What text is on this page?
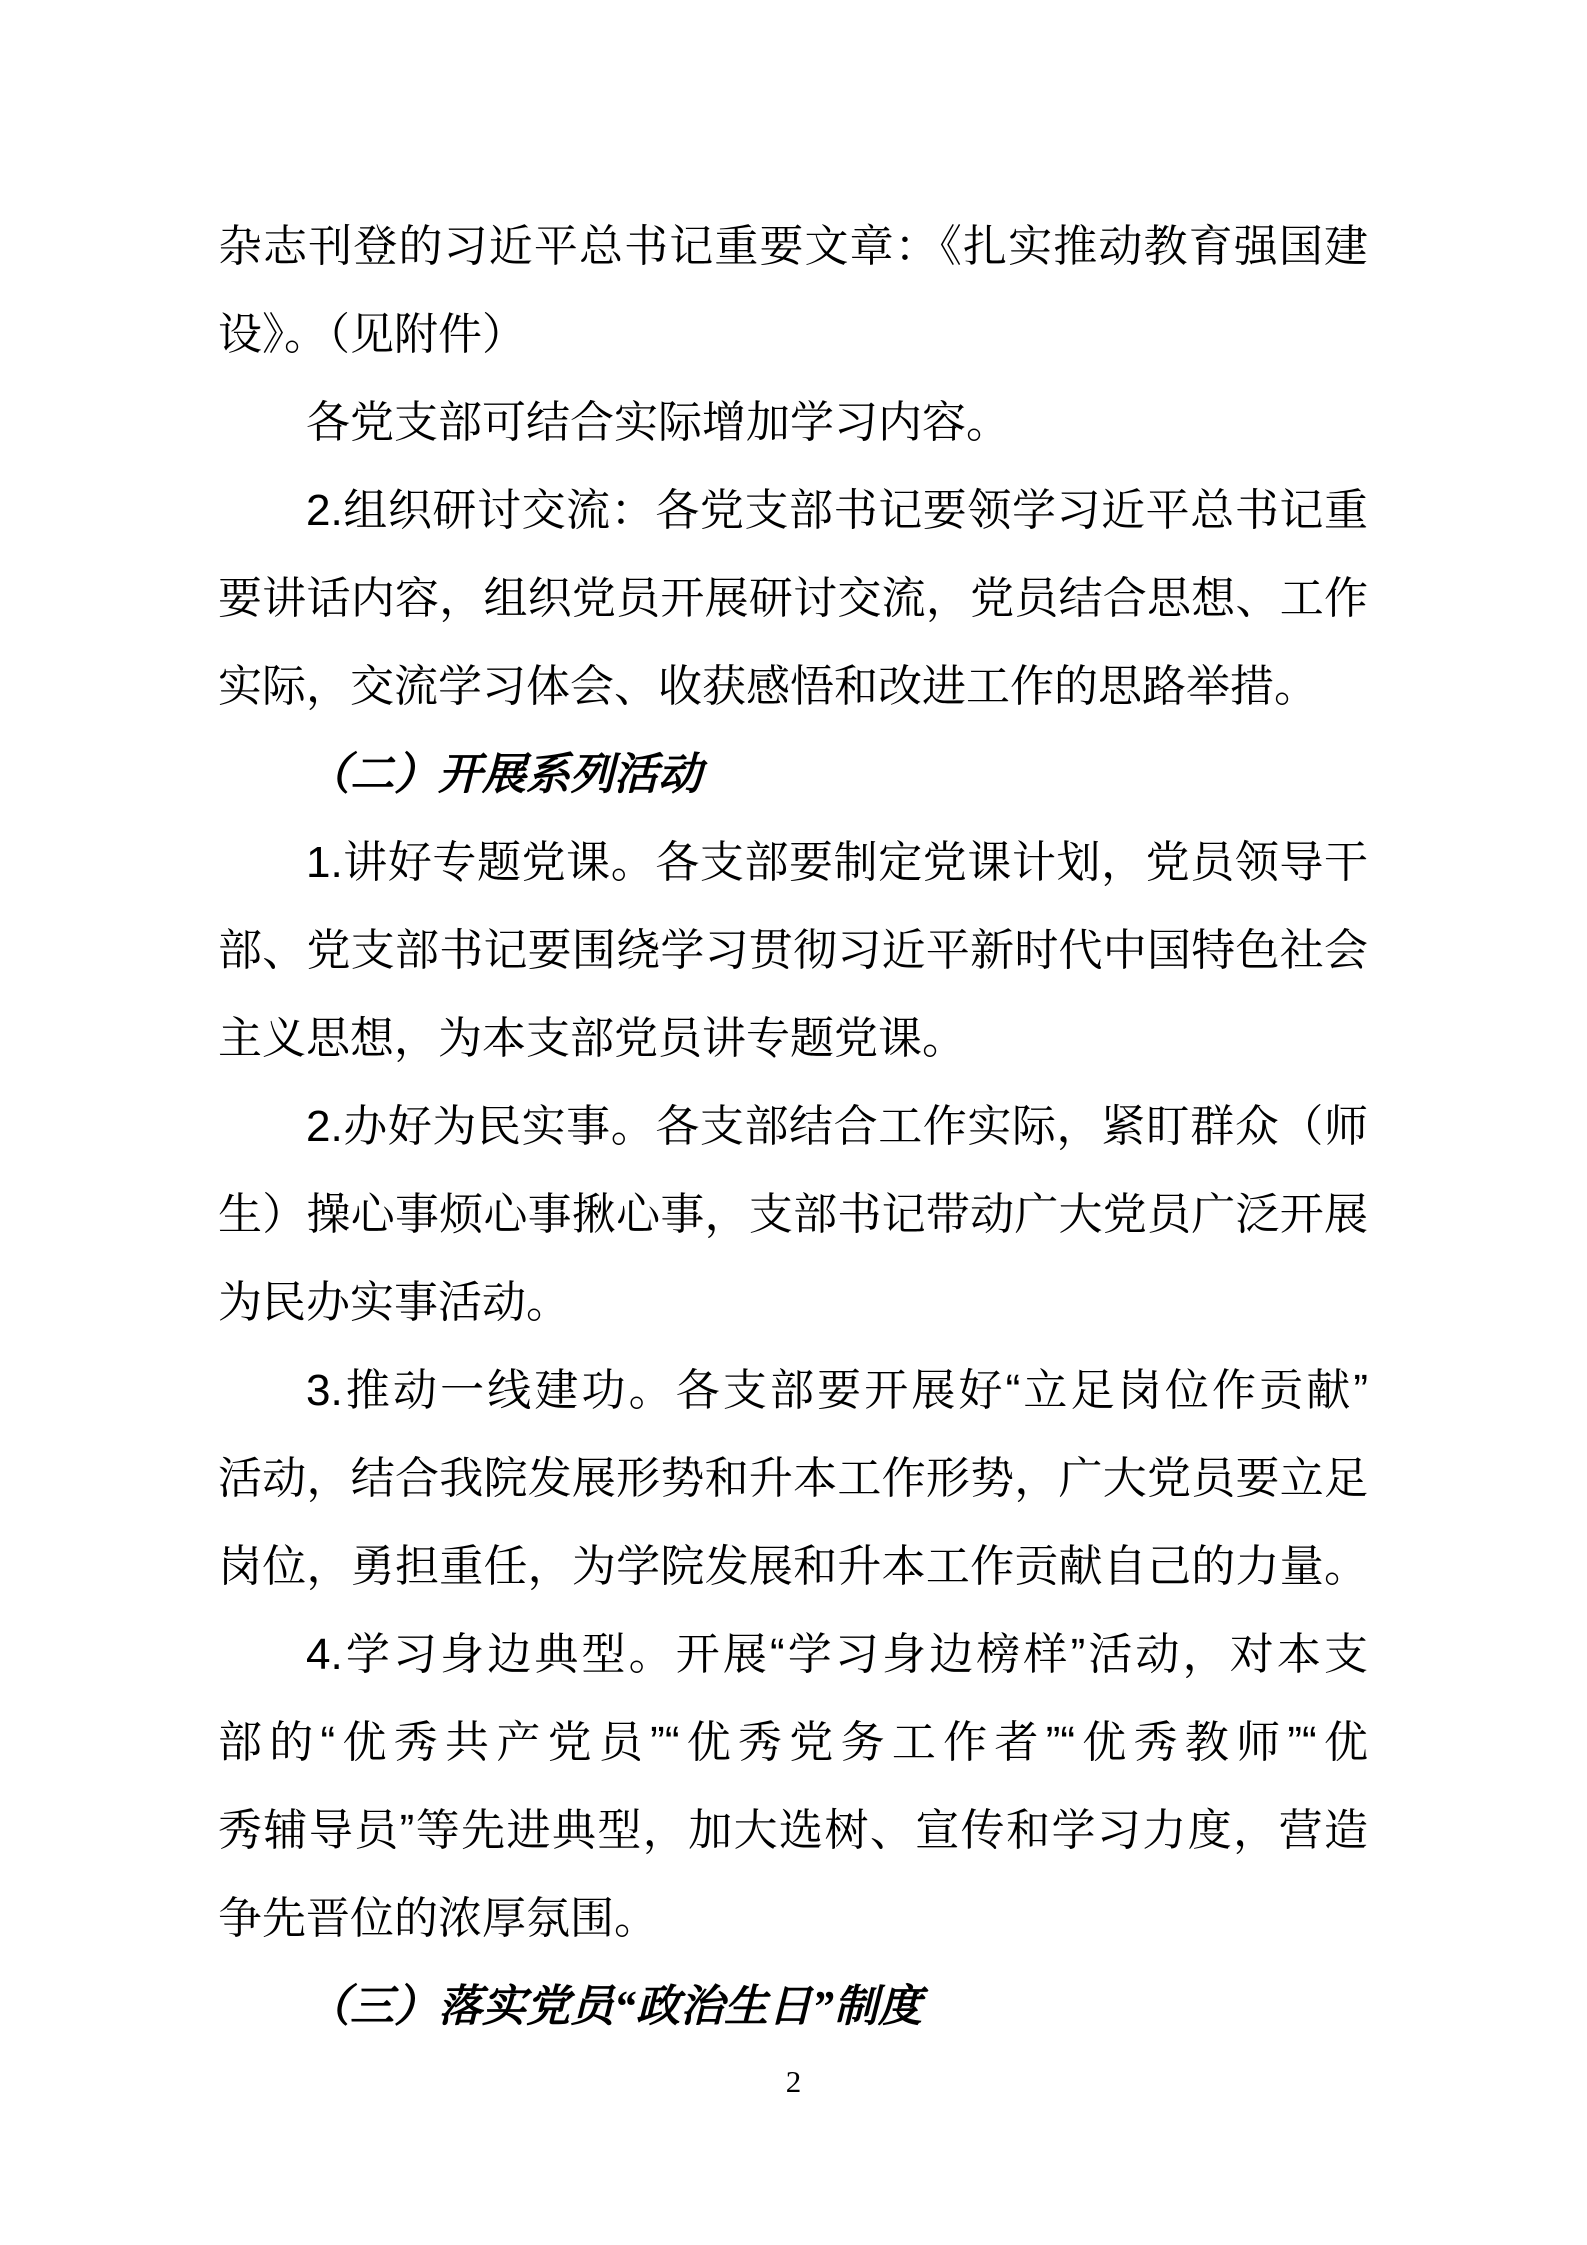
杂志刊登的习近平总书记重要文章：《扎实推动教育强国建
设》。（见附件）
各党支部可结合实际增加学习内容。
2.组织研讨交流：各党支部书记要领学习近平总书记重
要讲话内容，组织党员开展研讨交流，党员结合思想、工作
实际，交流学习体会、收获感悟和改进工作的思路举措。
（二）开展系列活动
1.讲好专题党课。各支部要制定党课计划，党员领导干
部、党支部书记要围绕学习贯彻习近平新时代中国特色社会
主义思想，为本支部党员讲专题党课。
2.办好为民实事。各支部结合工作实际，紧盯群众（师
生）操心事烦心事揪心事，支部书记带动广大党员广泛开展
为民办实事活动。
3.推动一线建功。各支部要开展好“立足岗位作贡献”
活动，结合我院发展形势和升本工作形势，广大党员要立足
岗位，勇担重任，为学院发展和升本工作贡献自己的力量。
4.学习身边典型。开展“学习身边榜样”活动，对本支
部的“优秀共产党员”“优秀党务工作者”“优秀教师”“优
秀辅导员”等先进典型，加大选树、宣传和学习力度，营造
争先晋位的浓厚氛围。
（三）落实党员“政治生日”制度
2
